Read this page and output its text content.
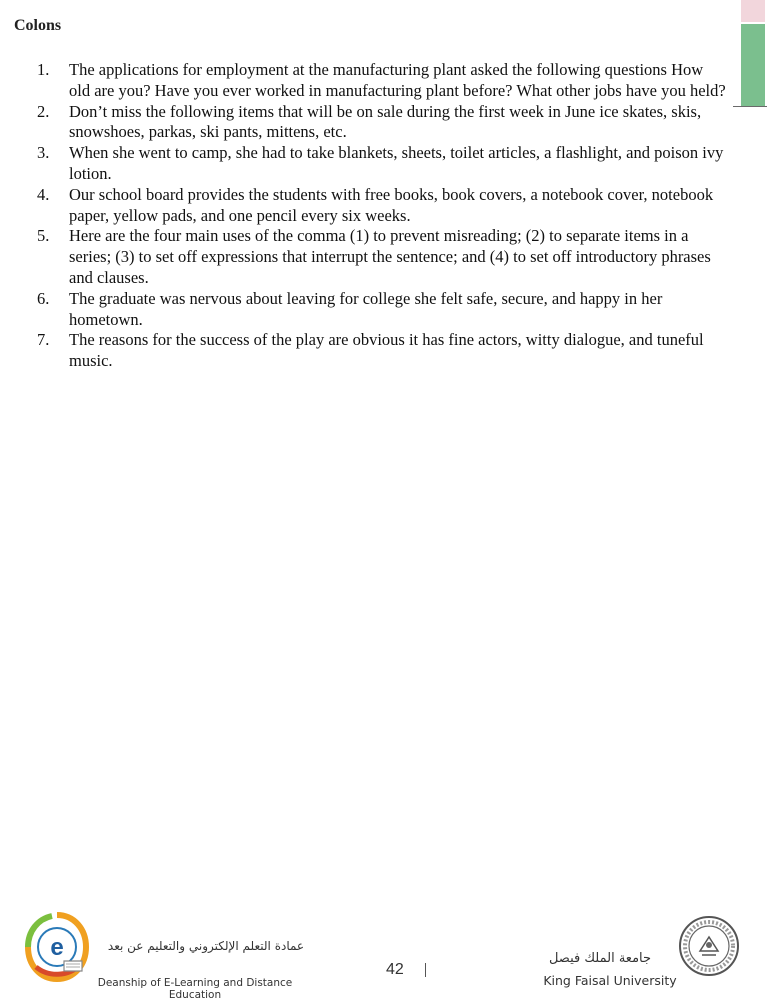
Colons
1. The applications for employment at the manufacturing plant asked the following questions How old are you? Have you ever worked in manufacturing plant before? What other jobs have you held?
2. Don’t miss the following items that will be on sale during the first week in June ice skates, skis, snowshoes, parkas, ski pants, mittens, etc.
3. When she went to camp, she had to take blankets, sheets, toilet articles, a flashlight, and poison ivy lotion.
4. Our school board provides the students with free books, book covers, a notebook cover, notebook paper, yellow pads, and one pencil every six weeks.
5. Here are the four main uses of the comma (1) to prevent misreading; (2) to separate items in a series; (3) to set off expressions that interrupt the sentence; and (4) to set off introductory phrases and clauses.
6. The graduate was nervous about leaving for college she felt safe, secure, and happy in her hometown.
7. The reasons for the success of the play are obvious it has fine actors, witty dialogue, and tuneful music.
e	عمادة التعلم الإلكتروني والتعليم عن بعد
Deanship of E-Learning and Distance Education
42
جامعة الملك فيصل
King Faisal University
